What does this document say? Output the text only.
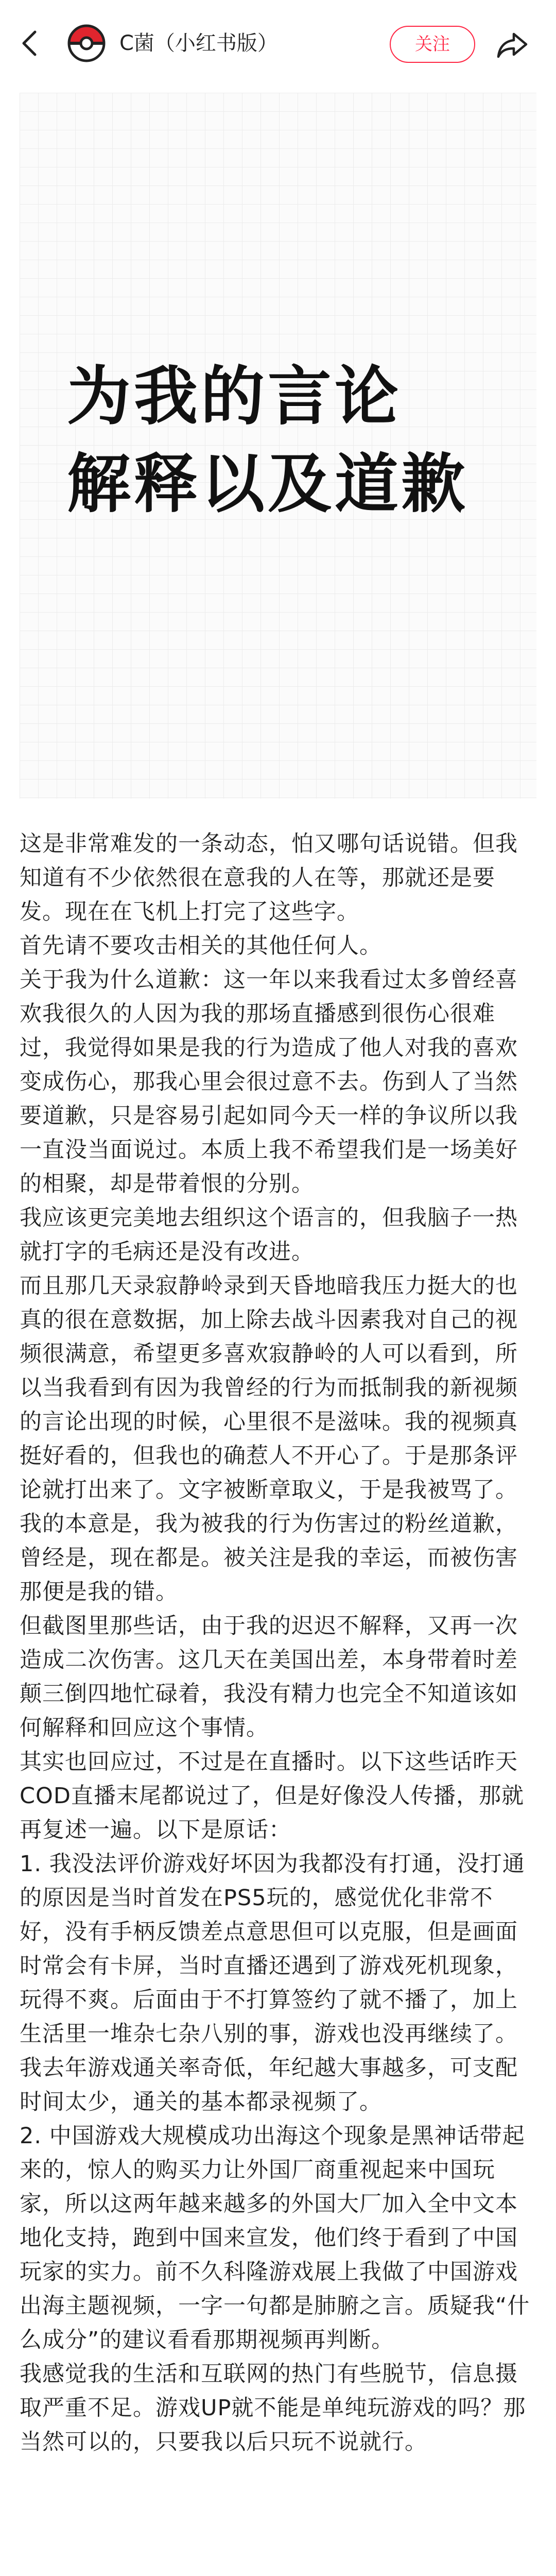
C菌（小红书版）	关注
为我的言论
解释以及道歉

这是非常难发的一条动态，怕又哪句话说错。但我知道有不少依然很在意我的人在等，那就还是要发。现在在飞机上打完了这些字。

首先请不要攻击相关的其他任何人。

关于我为什么道歉：这一年以来我看过太多曾经喜欢我很久的人因为我的那场直播感到很伤心很难过，我觉得如果是我的行为造成了他人对我的喜欢变成伤心，那我心里会很过意不去。伤到人了当然要道歉，只是容易引起如同今天一样的争议所以我一直没当面说过。本质上我不希望我们是一场美好的相聚，却是带着恨的分别。

我应该更完美地去组织这个语言的，但我脑子一热就打字的毛病还是没有改进。

而且那几天录寂静岭录到天昏地暗我压力挺大的也真的很在意数据，加上除去战斗因素我对自己的视频很满意，希望更多喜欢寂静岭的人可以看到，所以当我看到有因为我曾经的行为而抵制我的新视频的言论出现的时候，心里很不是滋味。我的视频真挺好看的，但我也的确惹人不开心了。于是那条评论就打出来了。文字被断章取义，于是我被骂了。

我的本意是，我为被我的行为伤害过的粉丝道歉，曾经是，现在都是。被关注是我的幸运，而被伤害那便是我的错。

但截图里那些话，由于我的迟迟不解释，又再一次造成二次伤害。这几天在美国出差，本身带着时差颠三倒四地忙碌着，我没有精力也完全不知道该如何解释和回应这个事情。

其实也回应过，不过是在直播时。以下这些话昨天COD直播末尾都说过了，但是好像没人传播，那就再复述一遍。以下是原话：

1. 我没法评价游戏好坏因为我都没有打通，没打通的原因是当时首发在PS5玩的，感觉优化非常不好，没有手柄反馈差点意思但可以克服，但是画面时常会有卡屏，当时直播还遇到了游戏死机现象，玩得不爽。后面由于不打算签约了就不播了，加上生活里一堆杂七杂八别的事，游戏也没再继续了。我去年游戏通关率奇低，年纪越大事越多，可支配时间太少，通关的基本都录视频了。

2. 中国游戏大规模成功出海这个现象是黑神话带起来的，惊人的购买力让外国厂商重视起来中国玩家，所以这两年越来越多的外国大厂加入全中文本地化支持，跑到中国来宣发，他们终于看到了中国玩家的实力。前不久科隆游戏展上我做了中国游戏出海主题视频，一字一句都是肺腑之言。质疑我“什么成分”的建议看看那期视频再判断。

我感觉我的生活和互联网的热门有些脱节，信息摄取严重不足。游戏UP就不能是单纯玩游戏的吗？那当然可以的，只要我以后只玩不说就行。
